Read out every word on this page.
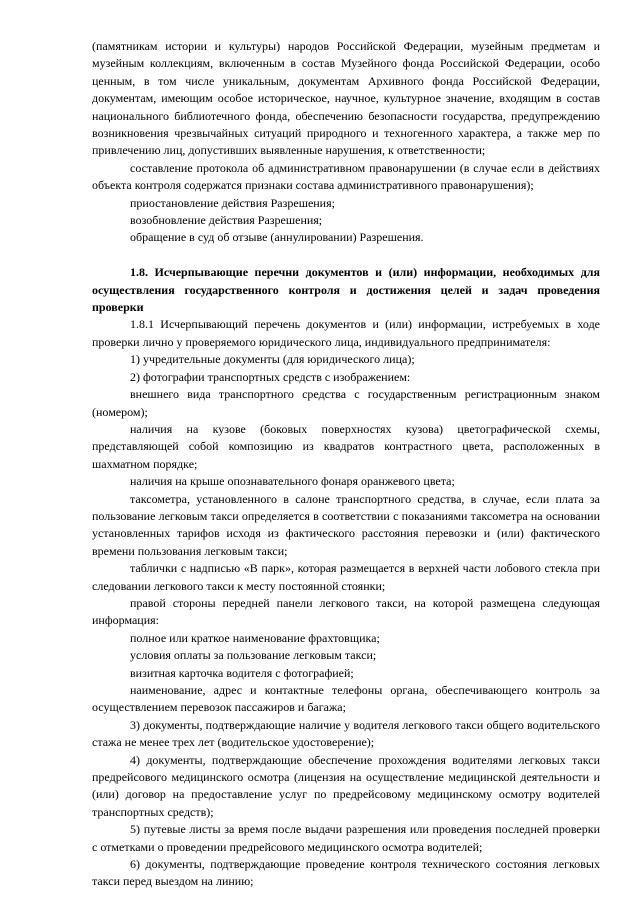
(памятникам истории и культуры) народов Российской Федерации, музейным предметам и музейным коллекциям, включенным в состав Музейного фонда Российской Федерации, особо ценным, в том числе уникальным, документам Архивного фонда Российской Федерации, документам, имеющим особое историческое, научное, культурное значение, входящим в состав национального библиотечного фонда, обеспечению безопасности государства, предупреждению возникновения чрезвычайных ситуаций природного и техногенного характера, а также мер по привлечению лиц, допустивших выявленные нарушения, к ответственности;

составление протокола об административном правонарушении (в случае если в действиях объекта контроля содержатся признаки состава административного правонарушения);

приостановление действия Разрешения;

возобновление действия Разрешения;

обращение в суд об отзыве (аннулировании) Разрешения.

1.8. Исчерпывающие перечни документов и (или) информации, необходимых для осуществления государственного контроля и достижения целей и задач проведения проверки

1.8.1 Исчерпывающий перечень документов и (или) информации, истребуемых в ходе проверки лично у проверяемого юридического лица, индивидуального предпринимателя:

1) учредительные документы (для юридического лица);

2) фотографии транспортных средств с изображением:

внешнего вида транспортного средства с государственным регистрационным знаком (номером);

наличия на кузове (боковых поверхностях кузова) цветографической схемы, представляющей собой композицию из квадратов контрастного цвета, расположенных в шахматном порядке;

наличия на крыше опознавательного фонаря оранжевого цвета;

таксометра, установленного в салоне транспортного средства, в случае, если плата за пользование легковым такси определяется в соответствии с показаниями таксометра на основании установленных тарифов исходя из фактического расстояния перевозки и (или) фактического времени пользования легковым такси;

таблички с надписью «В парк», которая размещается в верхней части лобового стекла при следовании легкового такси к месту постоянной стоянки;

правой стороны передней панели легкового такси, на которой размещена следующая информация:

полное или краткое наименование фрахтовщика;

условия оплаты за пользование легковым такси;

визитная карточка водителя с фотографией;

наименование, адрес и контактные телефоны органа, обеспечивающего контроль за осуществлением перевозок пассажиров и багажа;

3) документы, подтверждающие наличие у водителя легкового такси общего водительского стажа не менее трех лет (водительское удостоверение);

4) документы, подтверждающие обеспечение прохождения водителями легковых такси предрейсового медицинского осмотра (лицензия на осуществление медицинской деятельности и (или) договор на предоставление услуг по предрейсовому медицинскому осмотру водителей транспортных средств);

5) путевые листы за время после выдачи разрешения или проведения последней проверки с отметками о проведении предрейсового медицинского осмотра водителей;

6) документы, подтверждающие проведение контроля технического состояния легковых такси перед выездом на линию;
